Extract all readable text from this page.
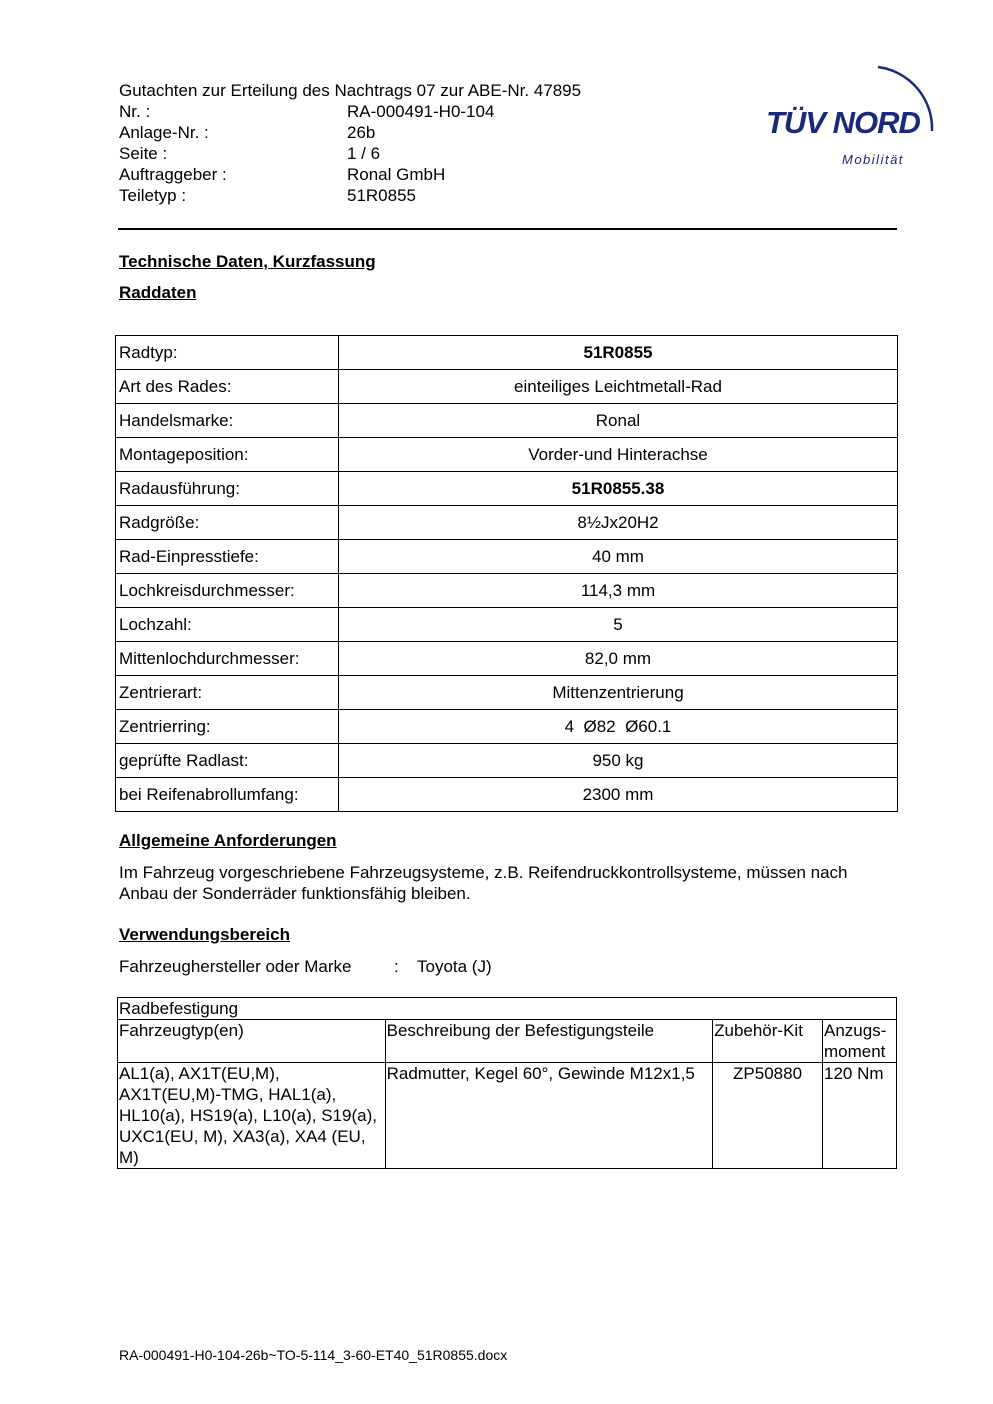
Gutachten zur Erteilung des Nachtrags 07 zur ABE-Nr. 47895
Nr. :	RA-000491-H0-104
Anlage-Nr. :	26b
Seite :	1 / 6
Auftraggeber :	Ronal GmbH
Teiletyp :	51R0855
TÜV NORD
Mobilität
Technische Daten, Kurzfassung
Raddaten
Radtyp:	51R0855
Art des Rades:	einteiliges Leichtmetall-Rad
Handelsmarke:	Ronal
Montageposition:	Vorder-und Hinterachse
Radausführung:	51R0855.38
Radgröße:	8½Jx20H2
Rad-Einpresstiefe:	40 mm
Lochkreisdurchmesser:	114,3 mm
Lochzahl:	5
Mittenlochdurchmesser:	82,0 mm
Zentrierart:	Mittenzentrierung
Zentrierring:	4  Ø82  Ø60.1
geprüfte Radlast:	950 kg
bei Reifenabrollumfang:	2300 mm
Allgemeine Anforderungen
Im Fahrzeug vorgeschriebene Fahrzeugsysteme, z.B. Reifendruckkontrollsysteme, müssen nach Anbau der Sonderräder funktionsfähig bleiben.
Verwendungsbereich
Fahrzeughersteller oder Marke	: Toyota (J)
Radbefestigung			
Fahrzeugtyp(en)	Beschreibung der Befestigungsteile	Zubehör-Kit	Anzugs-moment
AL1(a), AX1T(EU,M), AX1T(EU,M)-TMG, HAL1(a), HL10(a), HS19(a), L10(a), S19(a), UXC1(EU, M), XA3(a), XA4 (EU, M)	Radmutter, Kegel 60°, Gewinde M12x1,5	ZP50880	120 Nm
RA-000491-H0-104-26b~TO-5-114_3-60-ET40_51R0855.docx
